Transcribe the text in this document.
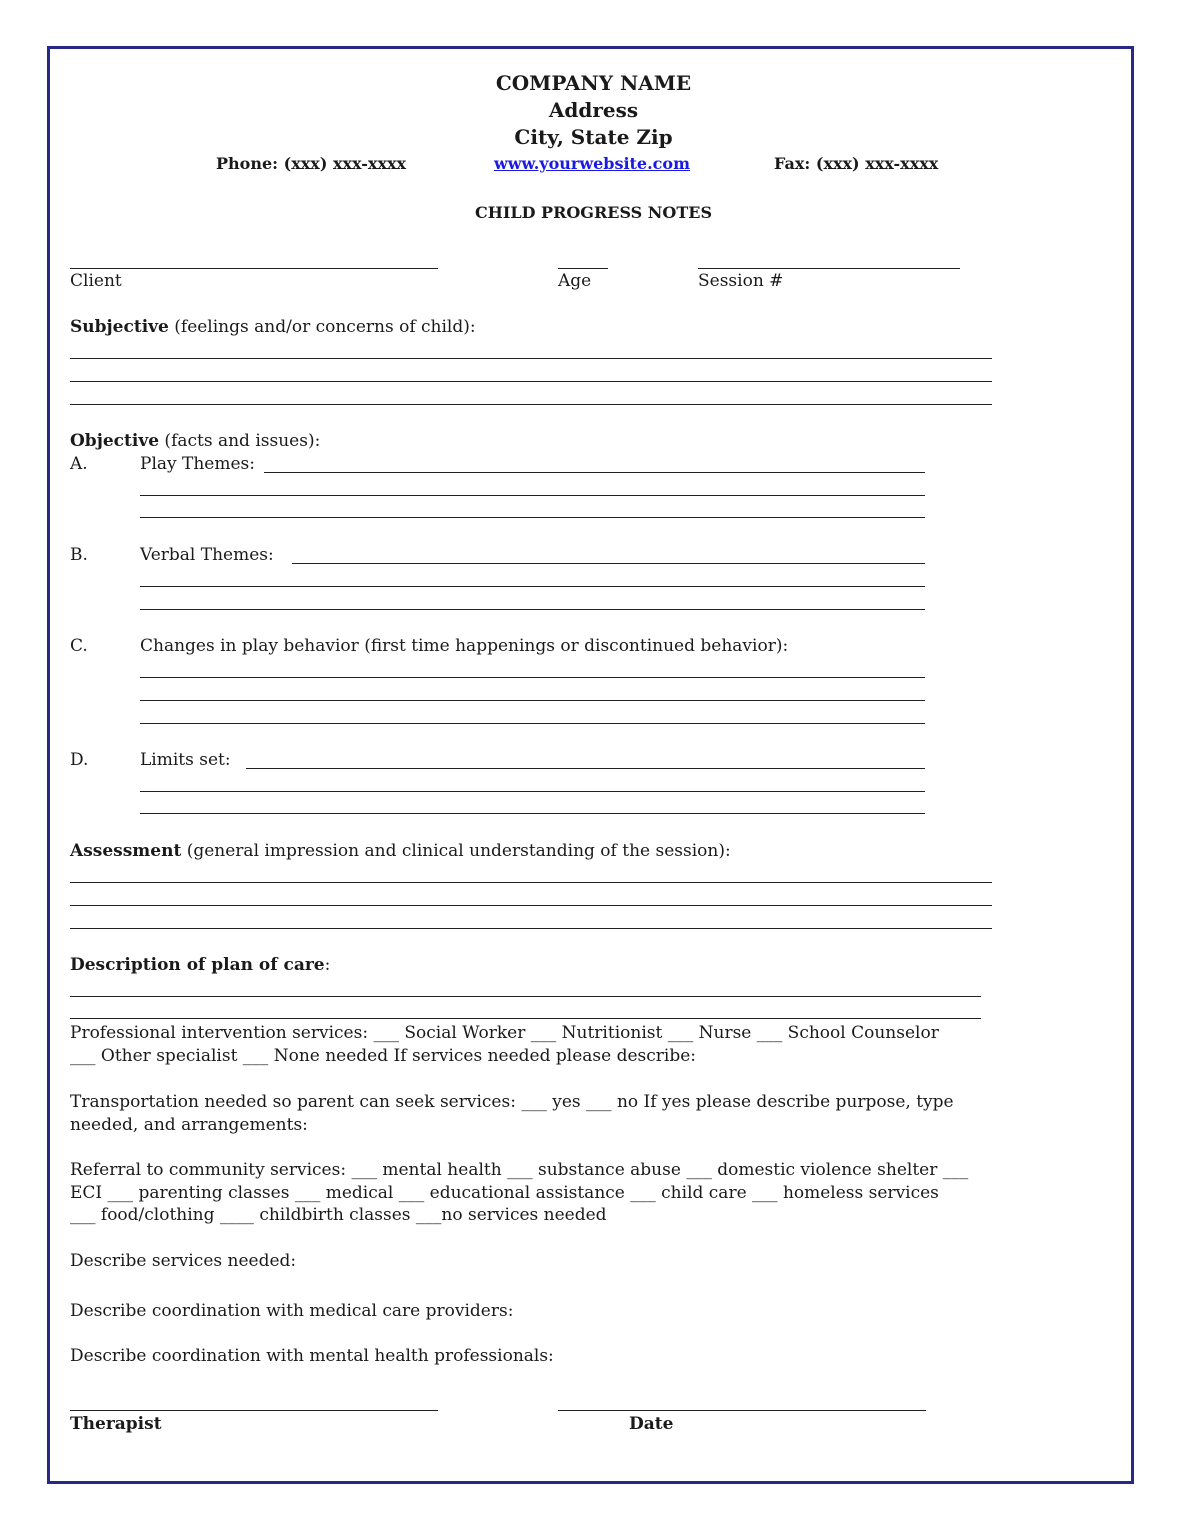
COMPANY NAME
Address
City, State Zip
Phone: (xxx) xxx-xxxx	www.yourwebsite.com	Fax: (xxx) xxx-xxxx
CHILD PROGRESS NOTES
Client	Age	Session #
Subjective (feelings and/or concerns of child):
Objective (facts and issues):
A.	Play Themes:
B.	Verbal Themes:
C.	Changes in play behavior (first time happenings or discontinued behavior):
D.	Limits set:
Assessment (general impression and clinical understanding of the session):
Description of plan of care:
Professional intervention services: ___ Social Worker ___ Nutritionist ___ Nurse ___ School Counselor
___ Other specialist ___ None needed If services needed please describe:
Transportation needed so parent can seek services: ___ yes ___ no If yes please describe purpose, type
needed, and arrangements:
Referral to community services: ___ mental health ___ substance abuse ___ domestic violence shelter ___
ECI ___ parenting classes ___ medical ___ educational assistance ___ child care ___ homeless services
___ food/clothing ____ childbirth classes ___no services needed
Describe services needed:
Describe coordination with medical care providers:
Describe coordination with mental health professionals:
Therapist	Date
